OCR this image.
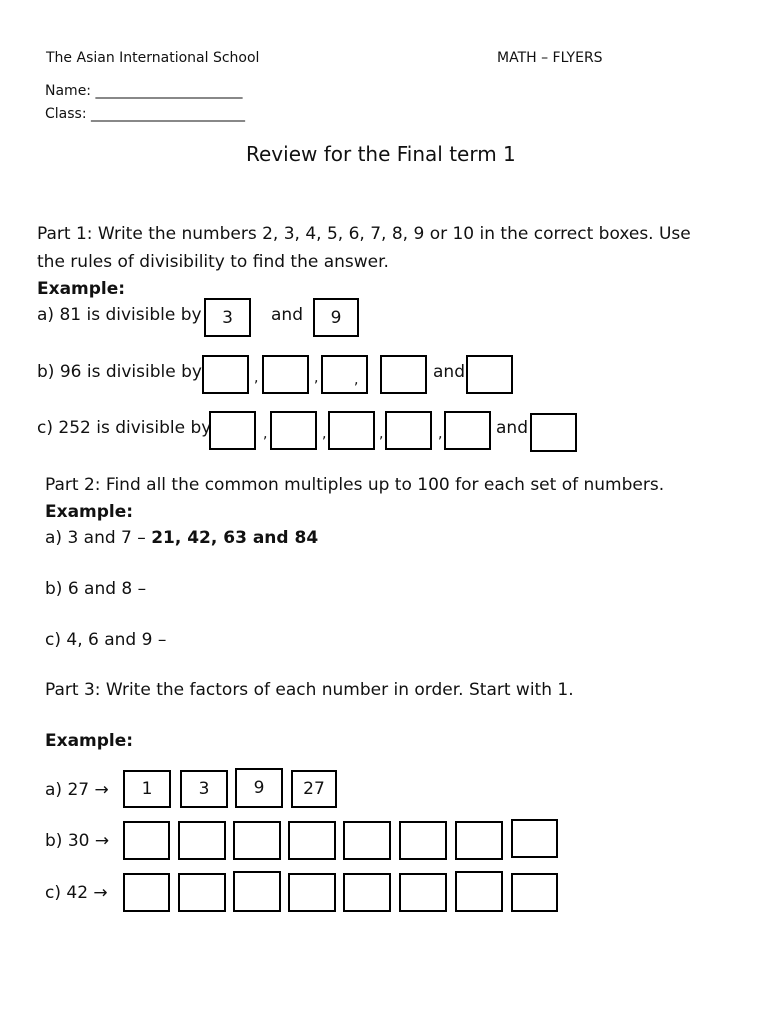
The Asian International School	MATH – FLYERS
Name: _____________________
Class: ______________________
Review for the Final term 1
Part 1: Write the numbers 2, 3, 4, 5, 6, 7, 8, 9 or 10 in the correct boxes. Use
the rules of divisibility to find the answer.
Example:
a) 81 is divisible by	3	and	9
b) 96 is divisible by	,	,	,	and
c) 252 is divisible by	,	,	,	,	and
Part 2: Find all the common multiples up to 100 for each set of numbers.
Example:
a) 3 and 7 – 21, 42, 63 and 84
b) 6 and 8 –
c) 4, 6 and 9 –
Part 3: Write the factors of each number in order. Start with 1.
Example:
a) 27 →	1	3	9	27
b) 30 →
c) 42 →
